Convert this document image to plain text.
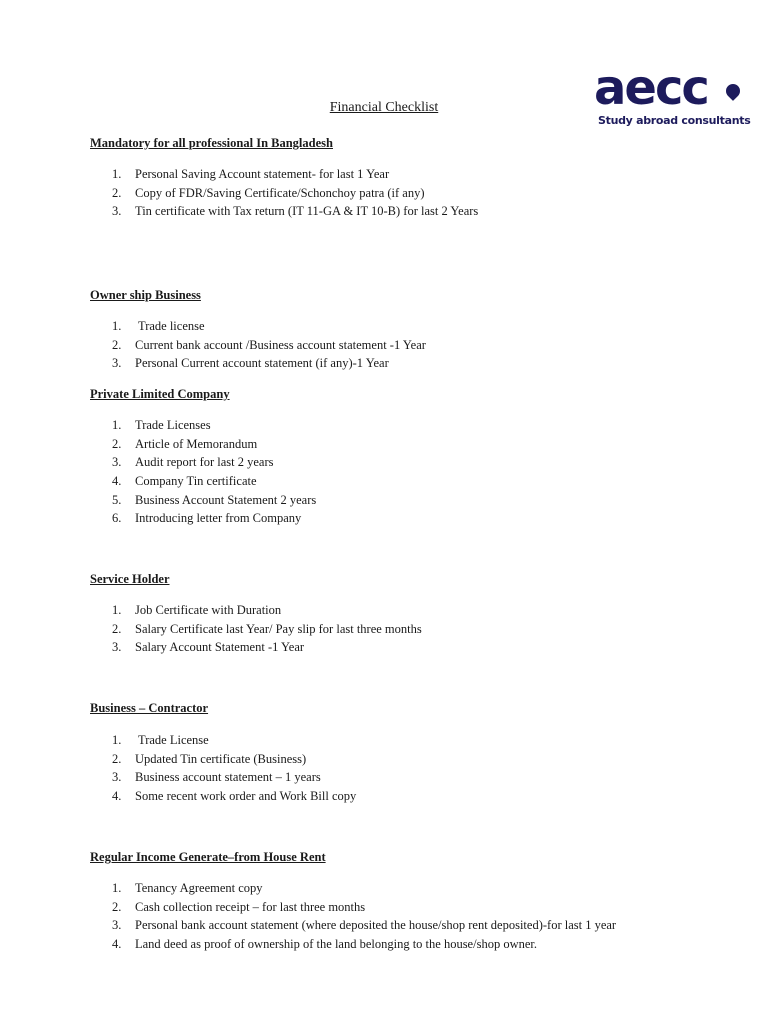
aecc
Study abroad consultants
Financial Checklist
Mandatory for all professional In Bangladesh
1.	Personal Saving Account statement- for last 1 Year
2.	Copy of FDR/Saving Certificate/Schonchoy patra (if any)
3.	Tin certificate with Tax return (IT 11-GA & IT 10-B) for last 2 Years
Owner ship Business
1.	Trade license
2.	Current bank account /Business account statement -1 Year
3.	Personal Current account statement (if any)-1 Year
Private Limited Company
1.	Trade Licenses
2.	Article of Memorandum
3.	Audit report for last 2 years
4.	Company Tin certificate
5.	Business Account Statement 2 years
6.	Introducing letter from Company
Service Holder
1.	Job Certificate with Duration
2.	Salary Certificate last Year/ Pay slip for last three months
3.	Salary Account Statement -1 Year
Business – Contractor
1.	Trade License
2.	Updated Tin certificate (Business)
3.	Business account statement – 1 years
4.	Some recent work order and Work Bill copy
Regular Income Generate–from House Rent
1.	Tenancy Agreement copy
2.	Cash collection receipt – for last three months
3.	Personal bank account statement (where deposited the house/shop rent deposited)-for last 1 year
4.	Land deed as proof of ownership of the land belonging to the house/shop owner.
